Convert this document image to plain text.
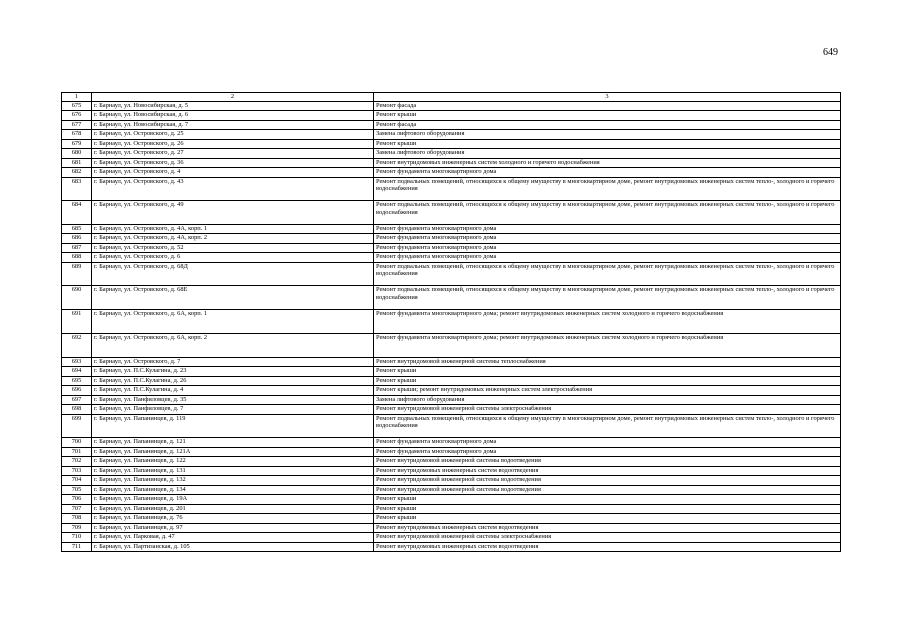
649
1	2	3
675	г. Барнаул, ул. Новосибирская, д. 5	Ремонт фасада
676	г. Барнаул, ул. Новосибирская, д. 6	Ремонт крыши
677	г. Барнаул, ул. Новосибирская, д. 7	Ремонт фасада
678	г. Барнаул, ул. Островского, д. 25	Замена лифтового оборудования
679	г. Барнаул, ул. Островского, д. 26	Ремонт крыши
680	г. Барнаул, ул. Островского, д. 27	Замена лифтового оборудования
681	г. Барнаул, ул. Островского, д. 36	Ремонт внутридомовых инженерных систем холодного и горячего водоснабжения
682	г. Барнаул, ул. Островского, д. 4	Ремонт фундамента многоквартирного дома
683	г. Барнаул, ул. Островского, д. 43	Ремонт подвальных помещений, относящихся к общему имуществу в многоквартирном доме, ремонт внутридомовых инженерных систем тепло-, холодного и горячего водоснабжения
684	г. Барнаул, ул. Островского, д. 49	Ремонт подвальных помещений, относящихся к общему имуществу в многоквартирном доме, ремонт внутридомовых инженерных систем тепло-, холодного и горячего водоснабжения
685	г. Барнаул, ул. Островского, д. 4А, корп. 1	Ремонт фундамента многоквартирного дома
686	г. Барнаул, ул. Островского, д. 4А, корп. 2	Ремонт фундамента многоквартирного дома
687	г. Барнаул, ул. Островского, д. 52	Ремонт фундамента многоквартирного дома
688	г. Барнаул, ул. Островского, д. 6	Ремонт фундамента многоквартирного дома
689	г. Барнаул, ул. Островского, д. 68Д	Ремонт подвальных помещений, относящихся к общему имуществу в многоквартирном доме, ремонт внутридомовых инженерных систем тепло-, холодного и горячего водоснабжения
690	г. Барнаул, ул. Островского, д. 68Е	Ремонт подвальных помещений, относящихся к общему имуществу в многоквартирном доме, ремонт внутридомовых инженерных систем тепло-, холодного и горячего водоснабжения
691	г. Барнаул, ул. Островского, д. 6А, корп. 1	Ремонт фундамента многоквартирного дома; ремонт внутридомовых инженерных систем холодного и горячего водоснабжения
692	г. Барнаул, ул. Островского, д. 6А, корп. 2	Ремонт фундамента многоквартирного дома; ремонт внутридомовых инженерных систем холодного и горячего водоснабжения
693	г. Барнаул, ул. Островского, д. 7	Ремонт внутридомовой инженерной системы теплоснабжения
694	г. Барнаул, ул. П.С.Кулагина, д. 23	Ремонт крыши
695	г. Барнаул, ул. П.С.Кулагина, д. 26	Ремонт крыши
696	г. Барнаул, ул. П.С.Кулагина, д. 4	Ремонт крыши; ремонт внутридомовых инженерных систем электроснабжения
697	г. Барнаул, ул. Панфиловцев, д. 35	Замена лифтового оборудования
698	г. Барнаул, ул. Панфиловцев, д. 7	Ремонт внутридомовой инженерной системы электроснабжения
699	г. Барнаул, ул. Папанинцев, д. 119	Ремонт подвальных помещений, относящихся к общему имуществу в многоквартирном доме, ремонт внутридомовых инженерных систем тепло-, холодного и горячего водоснабжения
700	г. Барнаул, ул. Папанинцев, д. 121	Ремонт фундамента многоквартирного дома
701	г. Барнаул, ул. Папанинцев, д. 121А	Ремонт фундамента многоквартирного дома
702	г. Барнаул, ул. Папанинцев, д. 122	Ремонт внутридомовой инженерной системы водоотведения
703	г. Барнаул, ул. Папанинцев, д. 131	Ремонт внутридомовых инженерных систем водоотведения
704	г. Барнаул, ул. Папанинцев, д. 132	Ремонт внутридомовой инженерной системы водоотведения
705	г. Барнаул, ул. Папанинцев, д. 134	Ремонт внутридомовой инженерной системы водоотведения
706	г. Барнаул, ул. Папанинцев, д. 19А	Ремонт крыши
707	г. Барнаул, ул. Папанинцев, д. 201	Ремонт крыши
708	г. Барнаул, ул. Папанинцев, д. 76	Ремонт крыши
709	г. Барнаул, ул. Папанинцев, д. 97	Ремонт внутридомовых инженерных систем водоотведения
710	г. Барнаул, ул. Парковая, д. 47	Ремонт внутридомовой инженерной системы электроснабжения
711	г. Барнаул, ул. Партизанская, д. 105	Ремонт внутридомовых инженерных систем водоотведения
